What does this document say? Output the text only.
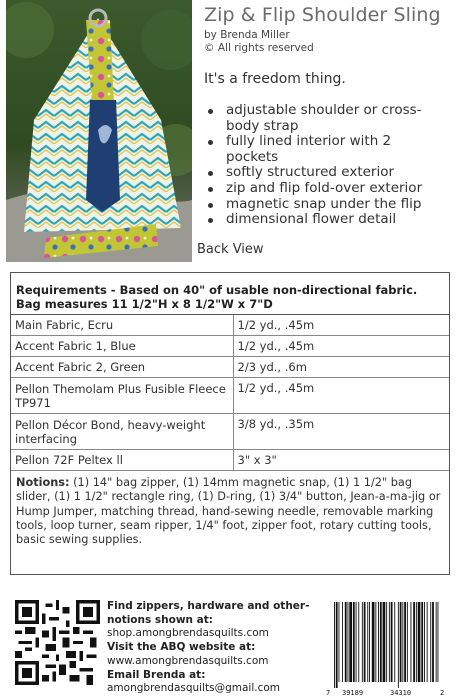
Zip & Flip Shoulder Sling
by Brenda Miller
© All rights reserved
It's a freedom thing.
adjustable shoulder or cross-body strap
fully lined interior with 2 pockets
softly structured exterior
zip and flip fold-over exterior
magnetic snap under the flip
dimensional flower detail
Back View
Requirements - Based on 40" of usable non-directional fabric.
Bag measures 11 1/2"H x 8 1/2"W x 7"D
Main Fabric, Ecru	1/2 yd., .45m
Accent Fabric 1, Blue	1/2 yd., .45m
Accent Fabric 2, Green	2/3 yd., .6m
Pellon Themolam Plus Fusible Fleece TP971	1/2 yd., .45m
Pellon Décor Bond, heavy-weight interfacing	3/8 yd., .35m
Pellon 72F Peltex ll	3" x 3"
Notions: (1) 14" bag zipper, (1) 14mm magnetic snap, (1) 1 1/2" bag slider, (1) 1 1/2" rectangle ring, (1) D-ring, (1) 3/4" button, Jean-a-ma-jig or Hump Jumper, matching thread, hand-sewing needle, removable marking tools, loop turner, seam ripper, 1/4" foot, zipper foot, rotary cutting tools, basic sewing supplies.
Find zippers, hardware and other-notions shown at:
shop.amongbrendasquilts.com
Visit the ABQ website at:
www.amongbrendasquilts.com
Email Brenda at:
amongbrendasquilts@gmail.com	7 39189	34310	2
